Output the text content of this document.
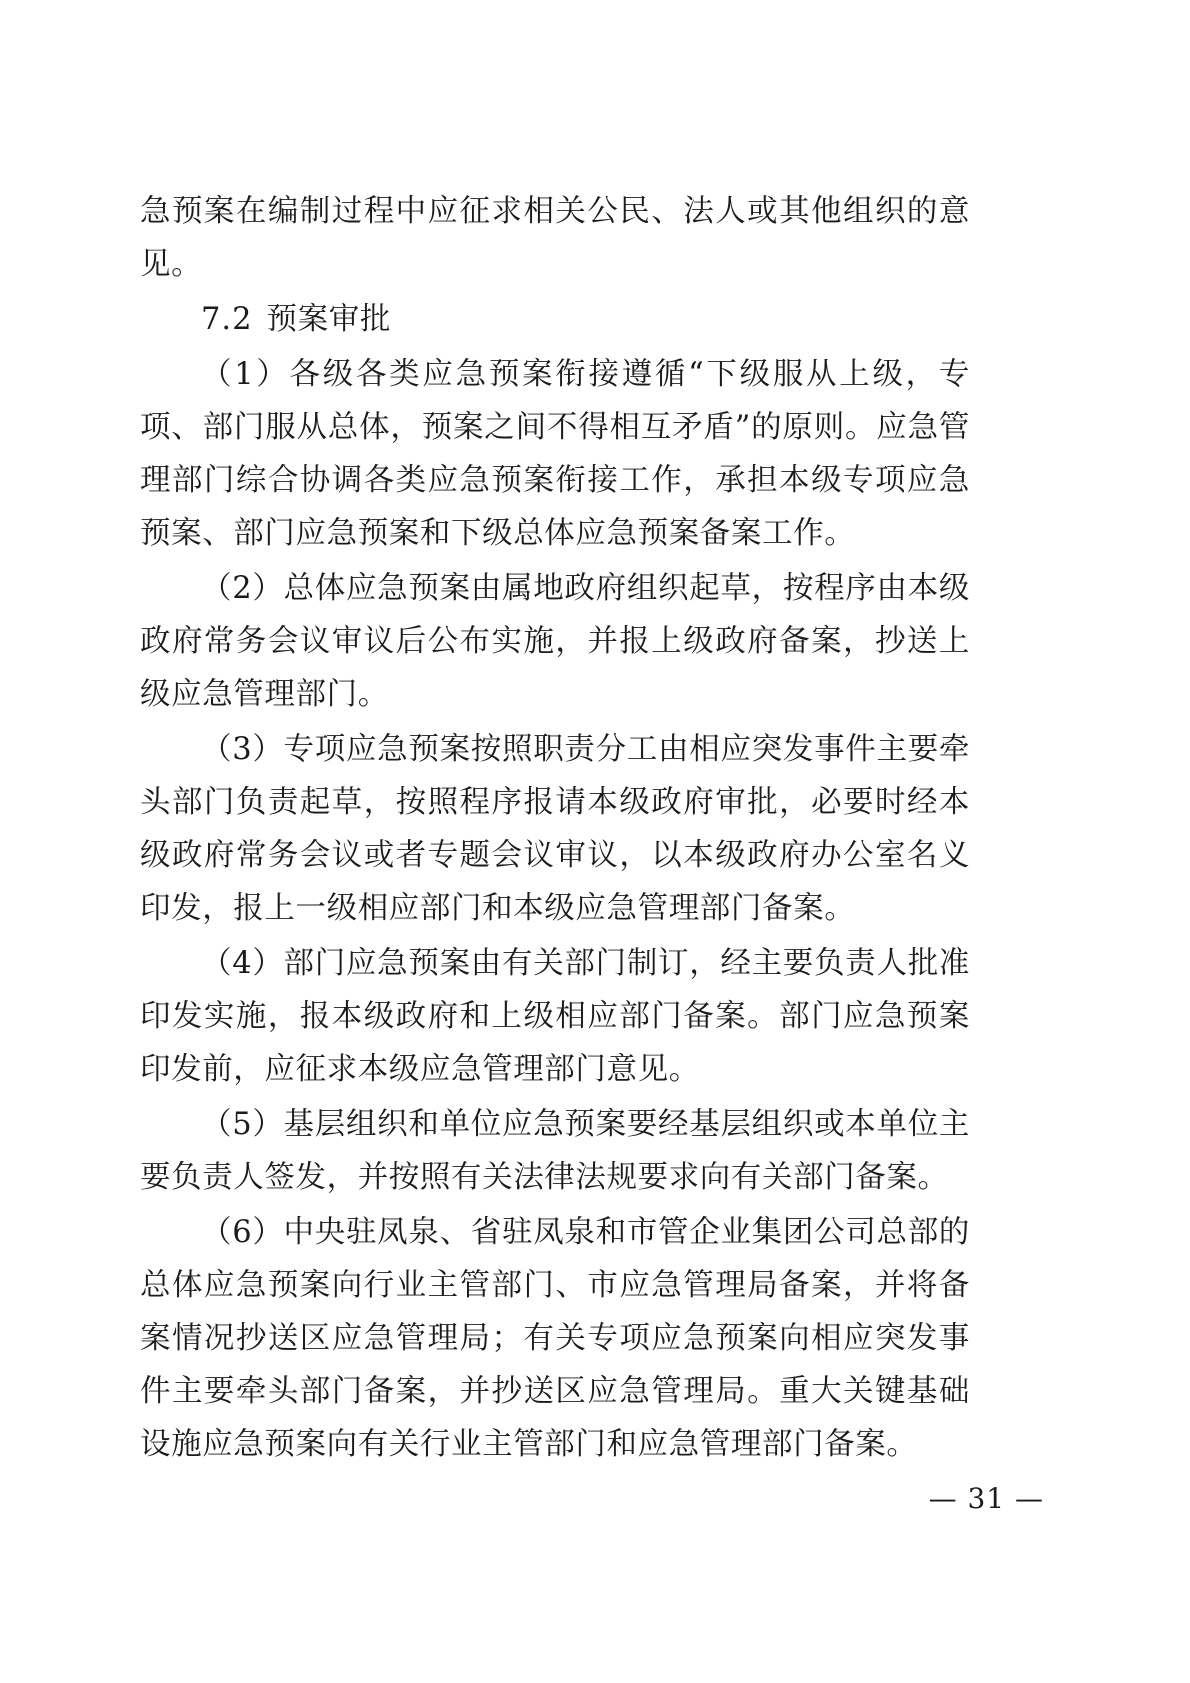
急预案在编制过程中应征求相关公民、法人或其他组织的意见。

7.2 预案审批

（1）各级各类应急预案衔接遵循“下级服从上级，专项、部门服从总体，预案之间不得相互矛盾”的原则。应急管理部门综合协调各类应急预案衔接工作，承担本级专项应急预案、部门应急预案和下级总体应急预案备案工作。

（2）总体应急预案由属地政府组织起草，按程序由本级政府常务会议审议后公布实施，并报上级政府备案，抄送上级应急管理部门。

（3）专项应急预案按照职责分工由相应突发事件主要牵头部门负责起草，按照程序报请本级政府审批，必要时经本级政府常务会议或者专题会议审议，以本级政府办公室名义印发，报上一级相应部门和本级应急管理部门备案。

（4）部门应急预案由有关部门制订，经主要负责人批准印发实施，报本级政府和上级相应部门备案。部门应急预案印发前，应征求本级应急管理部门意见。

（5）基层组织和单位应急预案要经基层组织或本单位主要负责人签发，并按照有关法律法规要求向有关部门备案。

（6）中央驻凤泉、省驻凤泉和市管企业集团公司总部的总体应急预案向行业主管部门、市应急管理局备案，并将备案情况抄送区应急管理局；有关专项应急预案向相应突发事件主要牵头部门备案，并抄送区应急管理局。重大关键基础设施应急预案向有关行业主管部门和应急管理部门备案。

— 31 —
